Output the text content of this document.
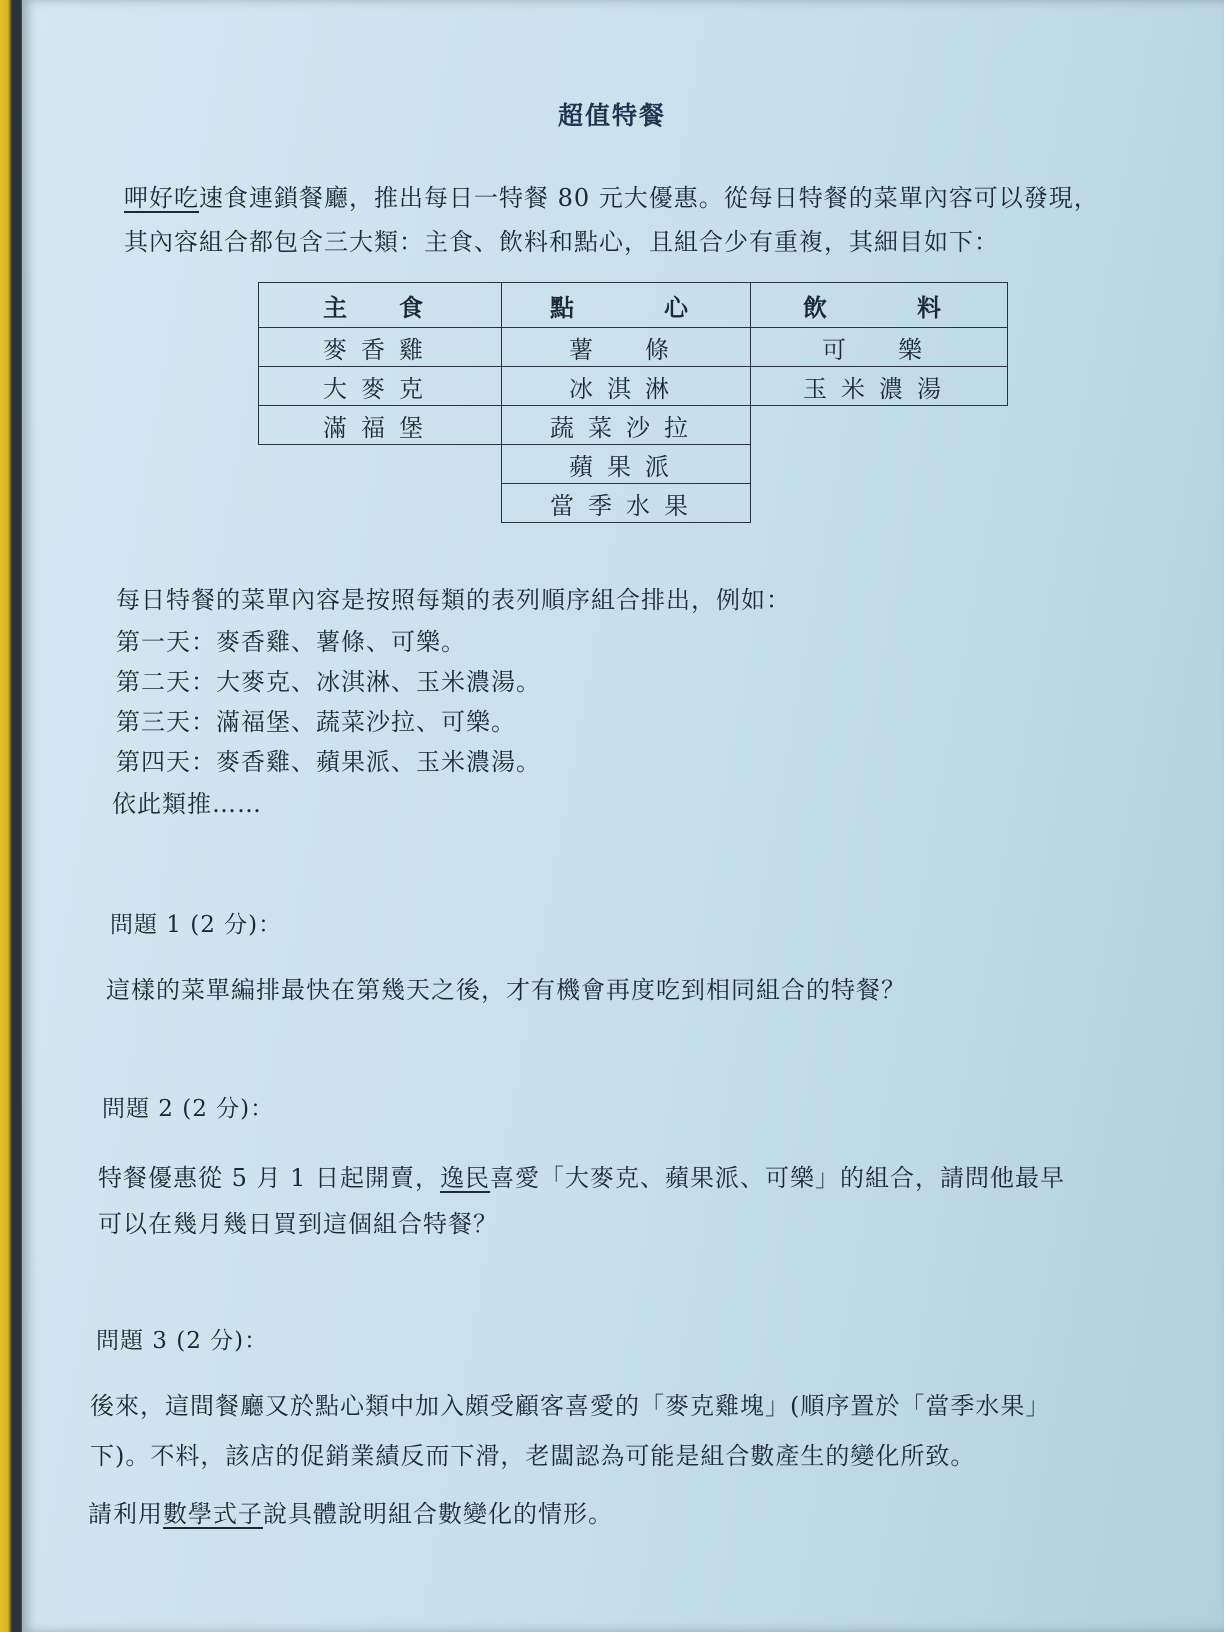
超值特餐
呷好吃速食連鎖餐廳，推出每日一特餐 80 元大優惠。從每日特餐的菜單內容可以發現，
其內容組合都包含三大類：主食、飲料和點心，且組合少有重複，其細目如下：
主　食	點　　心	飲　　料
麥香雞	薯　條	可　樂
大麥克	冰淇淋	玉米濃湯
滿福堡	蔬菜沙拉	
	蘋果派	
	當季水果	
每日特餐的菜單內容是按照每類的表列順序組合排出，例如：
第一天：麥香雞、薯條、可樂。
第二天：大麥克、冰淇淋、玉米濃湯。
第三天：滿福堡、蔬菜沙拉、可樂。
第四天：麥香雞、蘋果派、玉米濃湯。
依此類推……
問題 1 (2 分)：
這樣的菜單編排最快在第幾天之後，才有機會再度吃到相同組合的特餐？
問題 2 (2 分)：
特餐優惠從 5 月 1 日起開賣，逸民喜愛「大麥克、蘋果派、可樂」的組合，請問他最早
可以在幾月幾日買到這個組合特餐？
問題 3 (2 分)：
後來，這間餐廳又於點心類中加入頗受顧客喜愛的「麥克雞塊」(順序置於「當季水果」
下)。不料，該店的促銷業績反而下滑，老闆認為可能是組合數產生的變化所致。
請利用數學式子說具體說明組合數變化的情形。
